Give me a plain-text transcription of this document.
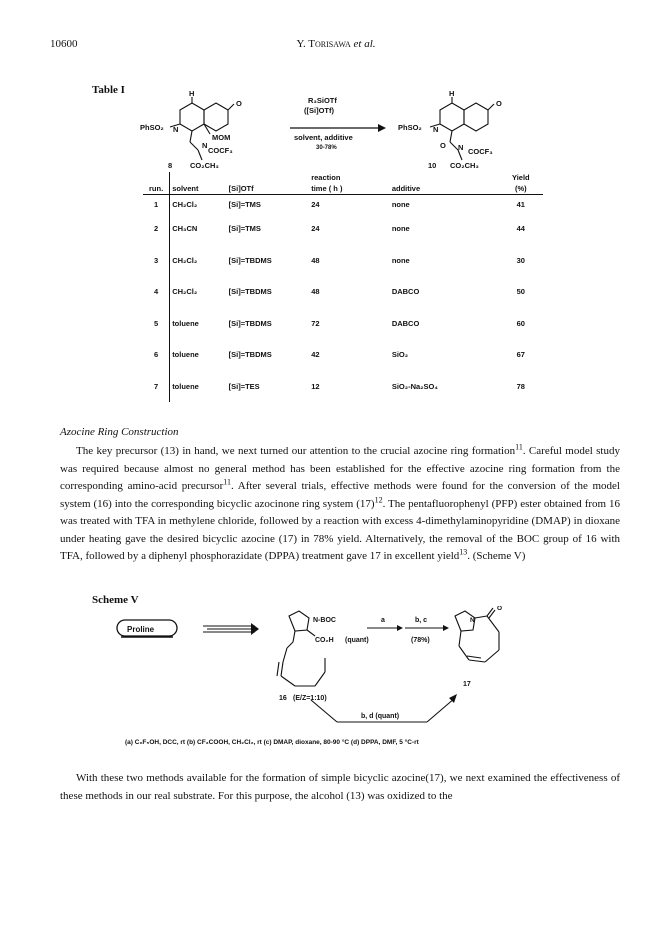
10600	Y. Torisawa et al.
Table I	H
PhSO₂ N
MOM
O
N
COCF₃
CO₂CH₃
8
R₃SiOTf
([Si]OTf)
solvent, additive
30-78%
H
PhSO₂ N
O
O N COCF₃
CO₂CH₃
10
			reaction		Yield
run.	solvent	[Si]OTf	time ( h )	additive	(%)
1	CH₂Cl₂	[Si]=TMS	24	none	41
2	CH₃CN	[Si]=TMS	24	none	44
3	CH₂Cl₂	[Si]=TBDMS	48	none	30
4	CH₂Cl₂	[Si]=TBDMS	48	DABCO	50
5	toluene	[Si]=TBDMS	72	DABCO	60
6	toluene	[Si]=TBDMS	42	SiO₂	67
7	toluene	[Si]=TES	12	SiO₂-Na₂SO₄	78
Azocine Ring Construction
The key precursor (13) in hand, we next turned our attention to the crucial azocine ring formation$^{11}$. Careful model study was required because almost no general method has been established for the effective azocine ring formation from the corresponding amino-acid precursor$^{11}$. After several trials, effective methods were found for the conversion of the model system (16) into the corresponding bicyclic azocinone ring system $(17)^{12}$. The pentafluorophenyl (PFP) ester obtained from 16 was treated with TFA in methylene chloride, followed by a reaction with excess 4-dimethylaminopyridine (DMAP) in dioxane under heating gave the desired bicyclic azocine (17) in 78% yield. Alternatively, the removal of the BOC group of 16 with TFA, followed by a diphenyl phosphorazidate (DPPA) treatment gave 17 in excellent yield$^{13}$. (Scheme V)
Scheme V
Proline
N-BOC
CO₂H
a
(quant)
b, c
(78%)
N
O
16 (E/Z=1:10)
17
b, d (quant)
(a) C₆F₅OH, DCC, rt (b) CF₃COOH, CH₂Cl₂, rt (c) DMAP, dioxane, 80-90 °C (d) DPPA, DMF, 5 °C-rt
With these two methods available for the formation of simple bicyclic azocine(17), we next examined the effectiveness of these methods in our real substrate. For this purpose, the alcohol (13) was oxidized to the
